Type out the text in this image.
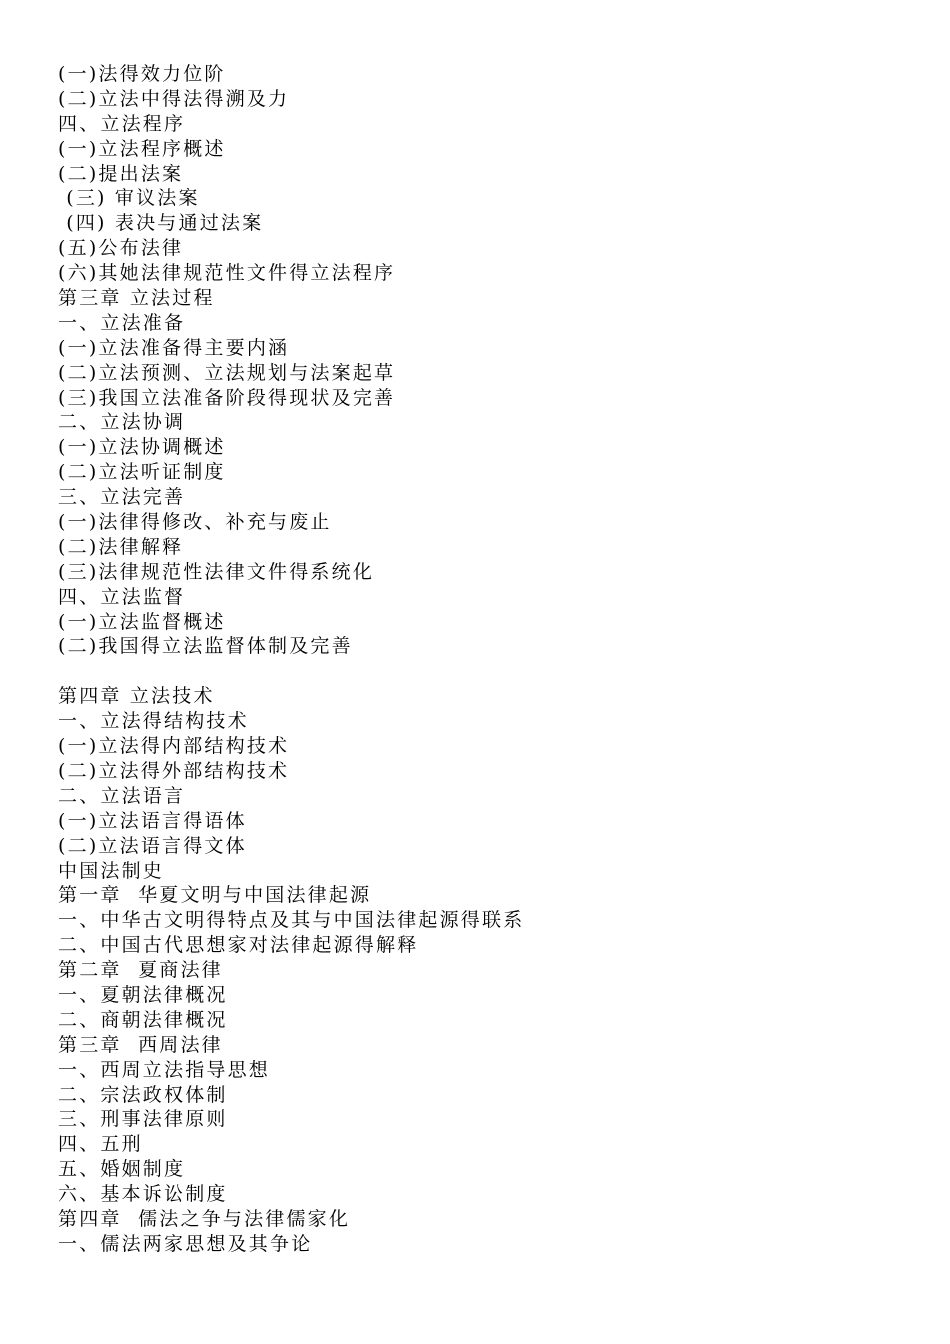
(一)法得效力位阶
(二)立法中得法得溯及力
四、立法程序
(一)立法程序概述
(二)提出法案
(三) 审议法案
(四) 表决与通过法案
(五)公布法律
(六)其她法律规范性文件得立法程序
第三章 立法过程
一、立法准备
(一)立法准备得主要内涵
(二)立法预测、立法规划与法案起草
(三)我国立法准备阶段得现状及完善
二、立法协调
(一)立法协调概述
(二)立法听证制度
三、立法完善
(一)法律得修改、补充与废止
(二)法律解释
(三)法律规范性法律文件得系统化
四、立法监督
(一)立法监督概述
(二)我国得立法监督体制及完善
第四章 立法技术
一、立法得结构技术
(一)立法得内部结构技术
(二)立法得外部结构技术
二、立法语言
(一)立法语言得语体
(二)立法语言得文体
中国法制史
第一章  华夏文明与中国法律起源
一、中华古文明得特点及其与中国法律起源得联系
二、中国古代思想家对法律起源得解释
第二章  夏商法律
一、夏朝法律概况
二、商朝法律概况
第三章  西周法律
一、西周立法指导思想
二、宗法政权体制
三、刑事法律原则
四、五刑
五、婚姻制度
六、基本诉讼制度
第四章  儒法之争与法律儒家化
一、儒法两家思想及其争论
